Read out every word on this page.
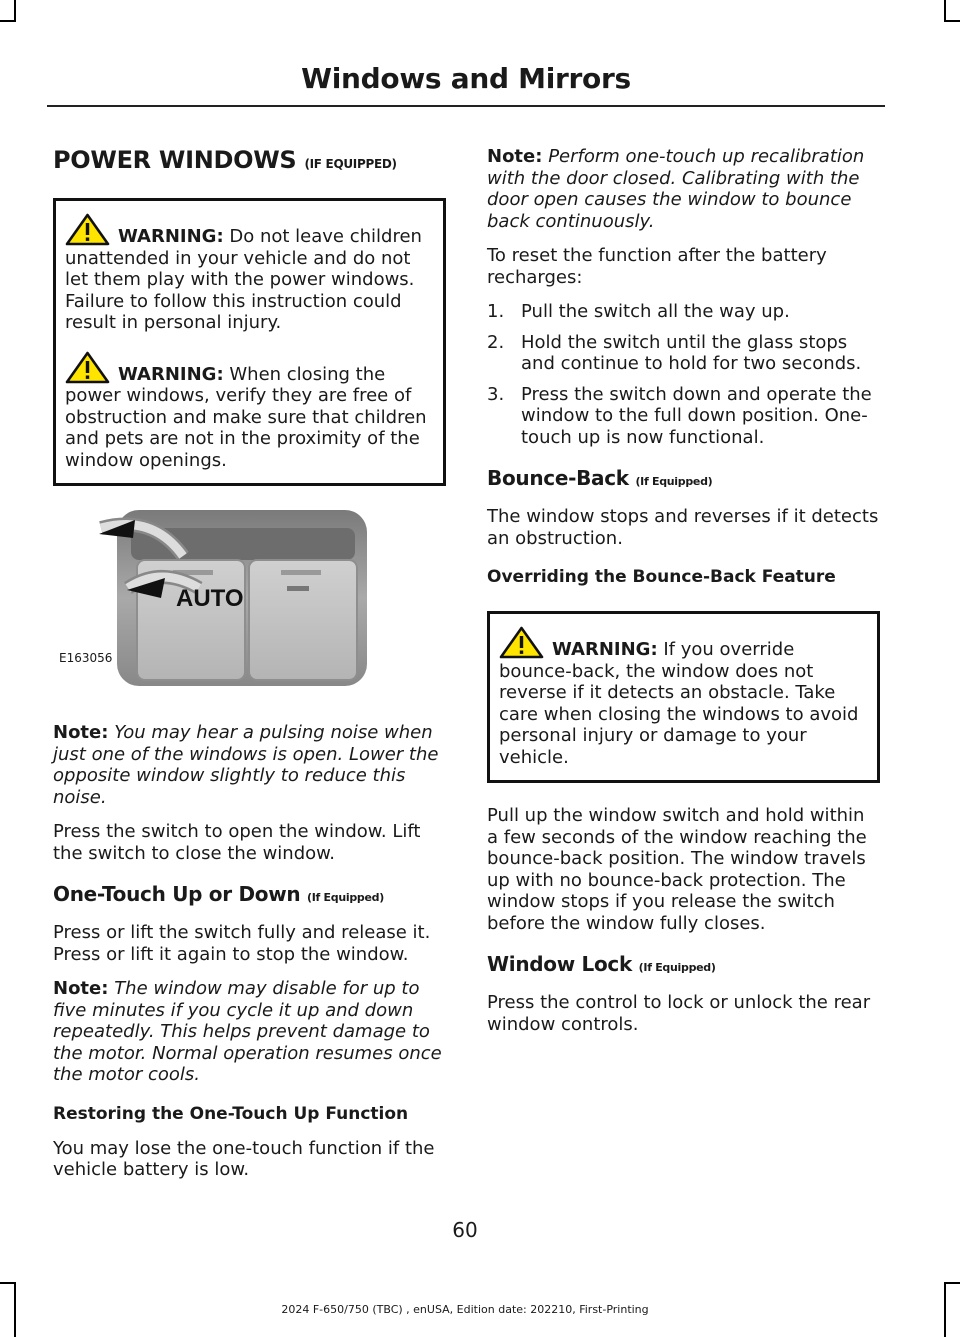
Windows and Mirrors
POWER WINDOWS (IF EQUIPPED)

WARNING: Do not leave children unattended in your vehicle and do not let them play with the power windows. Failure to follow this instruction could result in personal injury.

WARNING: When closing the power windows, verify they are free of obstruction and make sure that children and pets are not in the proximity of the window openings.

AUTO
E163056

Note: You may hear a pulsing noise when just one of the windows is open. Lower the opposite window slightly to reduce this noise.

Press the switch to open the window. Lift the switch to close the window.

One-Touch Up or Down (If Equipped)

Press or lift the switch fully and release it. Press or lift it again to stop the window.

Note: The window may disable for up to five minutes if you cycle it up and down repeatedly. This helps prevent damage to the motor. Normal operation resumes once the motor cools.

Restoring the One-Touch Up Function

You may lose the one-touch function if the vehicle battery is low.

Note: Perform one-touch up recalibration with the door closed. Calibrating with the door open causes the window to bounce back continuously.

To reset the function after the battery recharges:

1. Pull the switch all the way up.
2. Hold the switch until the glass stops and continue to hold for two seconds.
3. Press the switch down and operate the window to the full down position. One-touch up is now functional.
Bounce-Back (If Equipped)

The window stops and reverses if it detects an obstruction.

Overriding the Bounce-Back Feature

WARNING: If you override bounce-back, the window does not reverse if it detects an obstacle. Take care when closing the windows to avoid personal injury or damage to your vehicle.

Pull up the window switch and hold within a few seconds of the window reaching the bounce-back position. The window travels up with no bounce-back protection. The window stops if you release the switch before the window fully closes.

Window Lock (If Equipped)

Press the control to lock or unlock the rear window controls.

60
2024 F-650/750 (TBC) , enUSA, Edition date: 202210, First-Printing
